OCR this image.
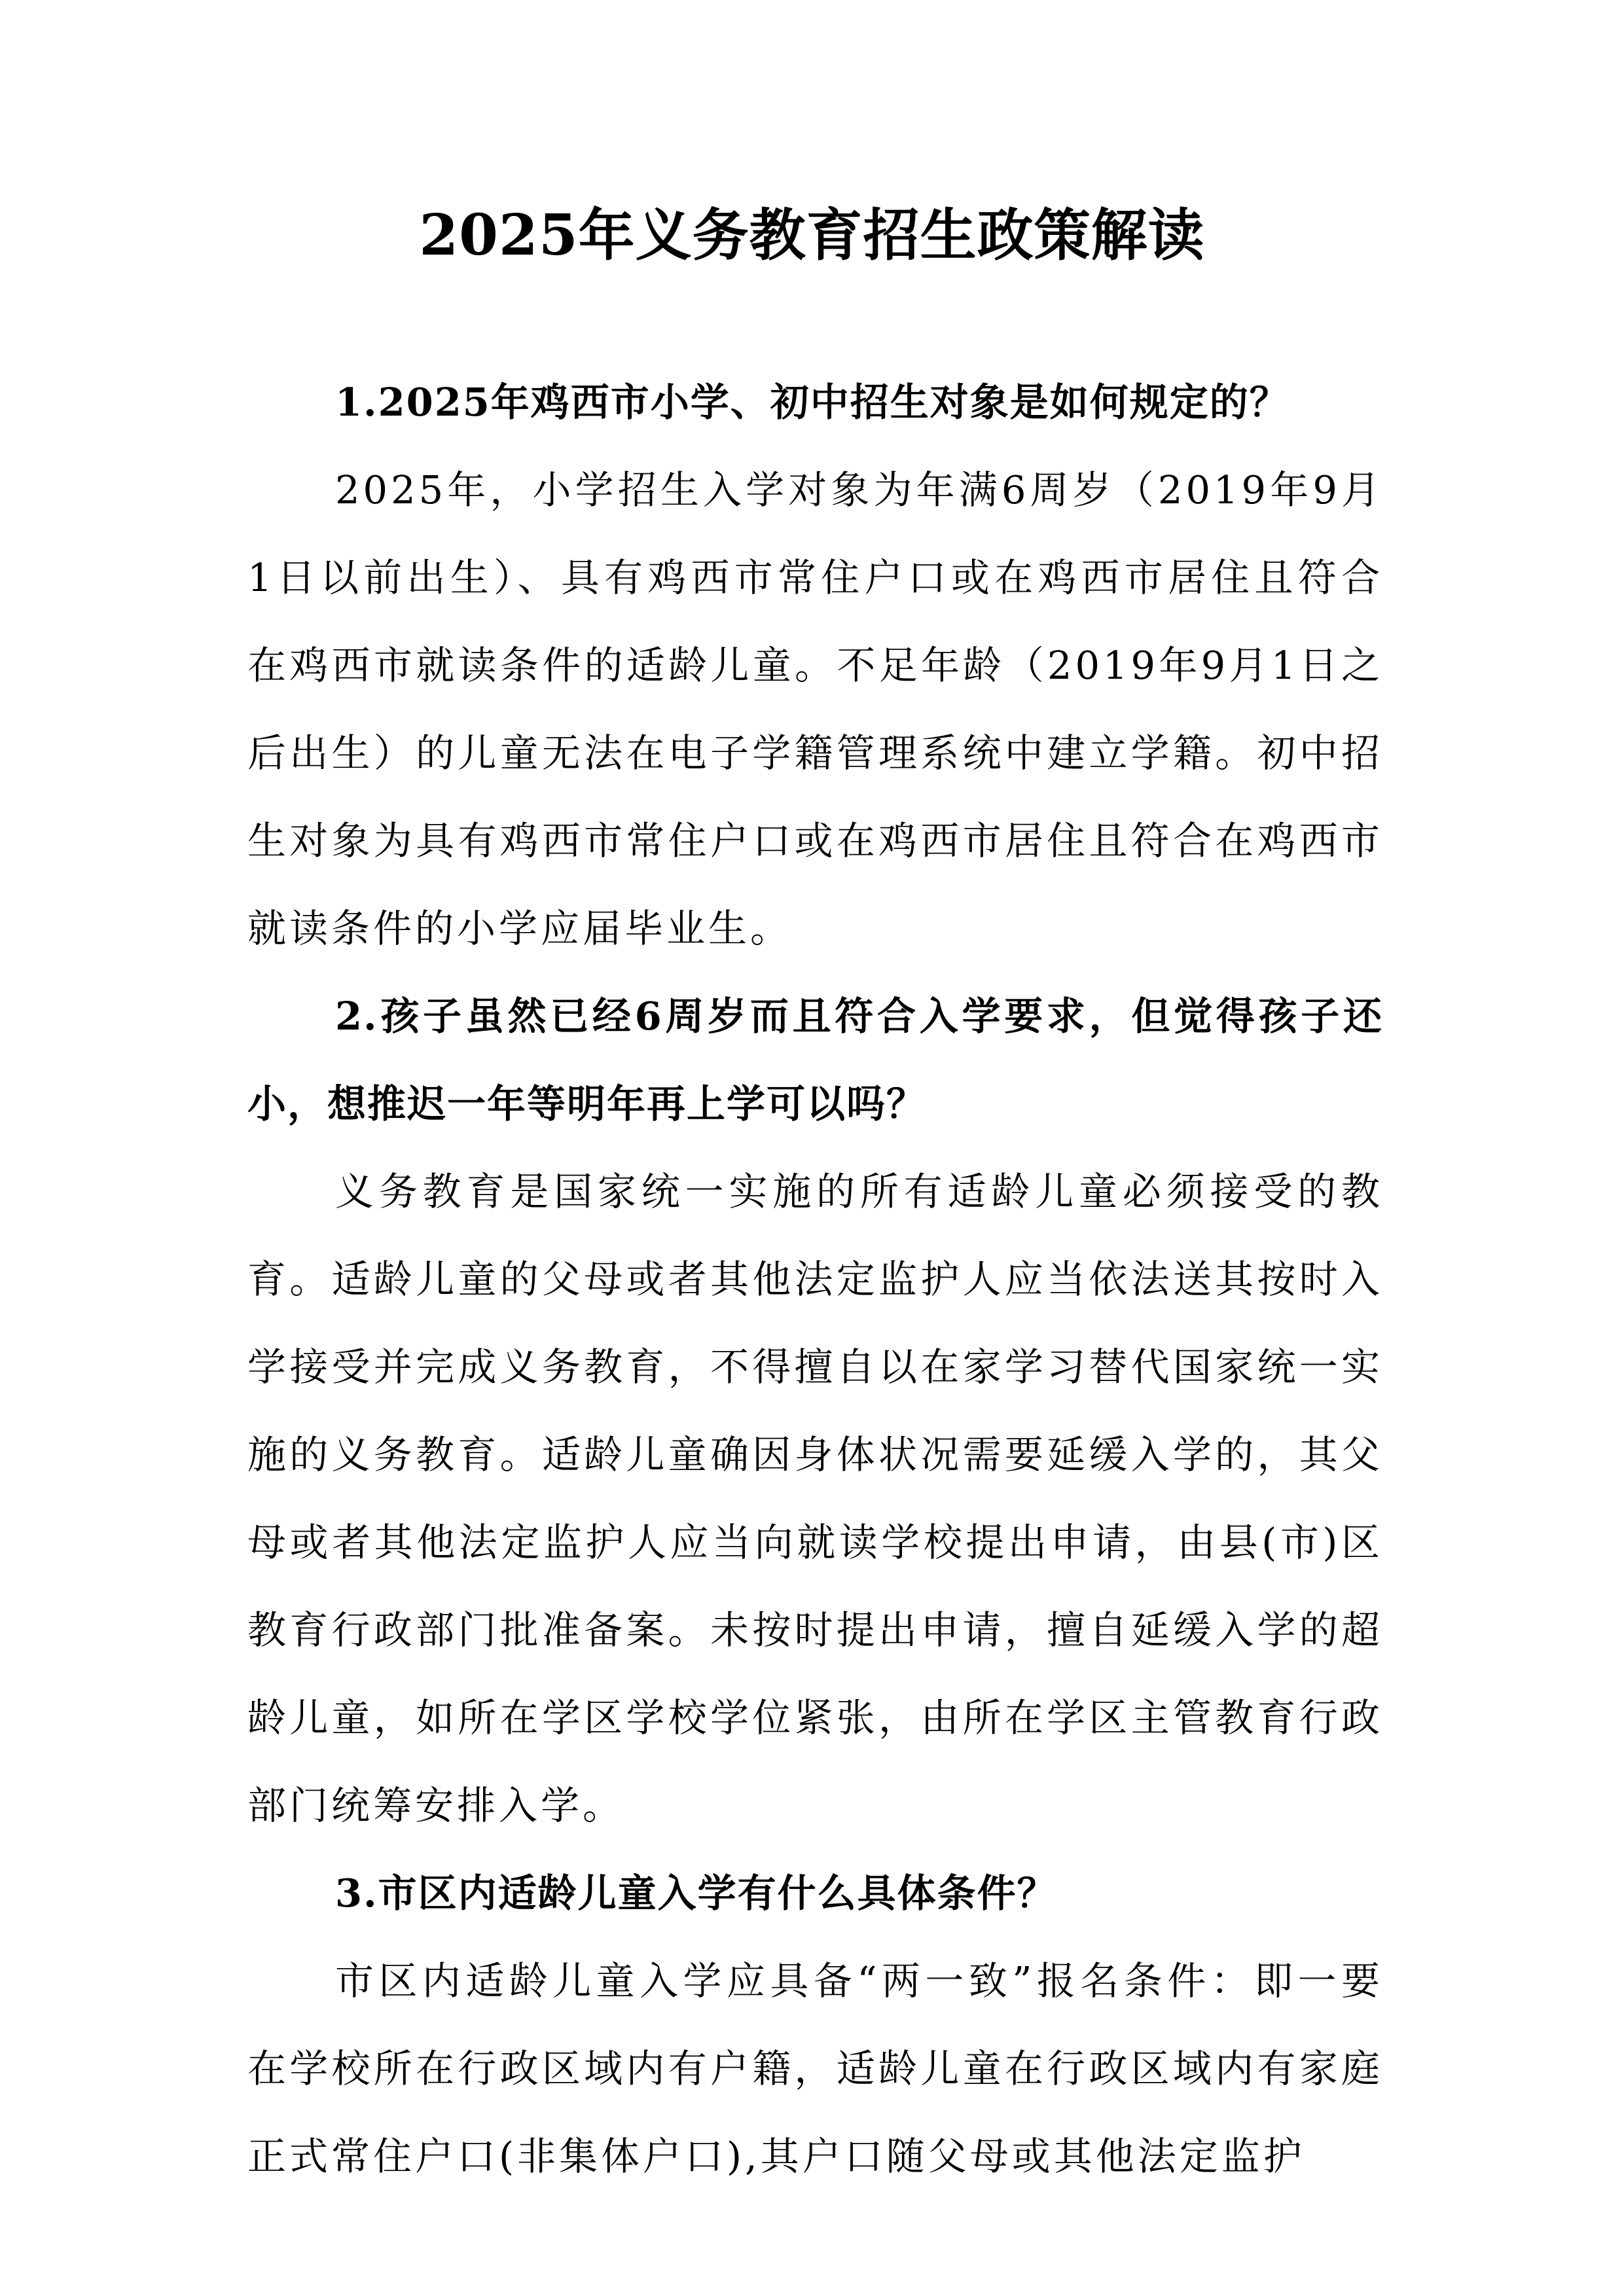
2025年义务教育招生政策解读

1.2025年鸡西市小学、初中招生对象是如何规定的？

2025年，小学招生入学对象为年满6周岁（2019年9月1日以前出生）、具有鸡西市常住户口或在鸡西市居住且符合在鸡西市就读条件的适龄儿童。不足年龄（2019年9月1日之后出生）的儿童无法在电子学籍管理系统中建立学籍。初中招生对象为具有鸡西市常住户口或在鸡西市居住且符合在鸡西市就读条件的小学应届毕业生。

2.孩子虽然已经6周岁而且符合入学要求，但觉得孩子还小，想推迟一年等明年再上学可以吗？

义务教育是国家统一实施的所有适龄儿童必须接受的教育。适龄儿童的父母或者其他法定监护人应当依法送其按时入学接受并完成义务教育，不得擅自以在家学习替代国家统一实施的义务教育。适龄儿童确因身体状况需要延缓入学的，其父母或者其他法定监护人应当向就读学校提出申请，由县(市)区教育行政部门批准备案。未按时提出申请，擅自延缓入学的超龄儿童，如所在学区学校学位紧张，由所在学区主管教育行政部门统筹安排入学。

3.市区内适龄儿童入学有什么具体条件？

市区内适龄儿童入学应具备“两一致”报名条件：即一要在学校所在行政区域内有户籍，适龄儿童在行政区域内有家庭正式常住户口(非集体户口),其户口随父母或其他法定监护
